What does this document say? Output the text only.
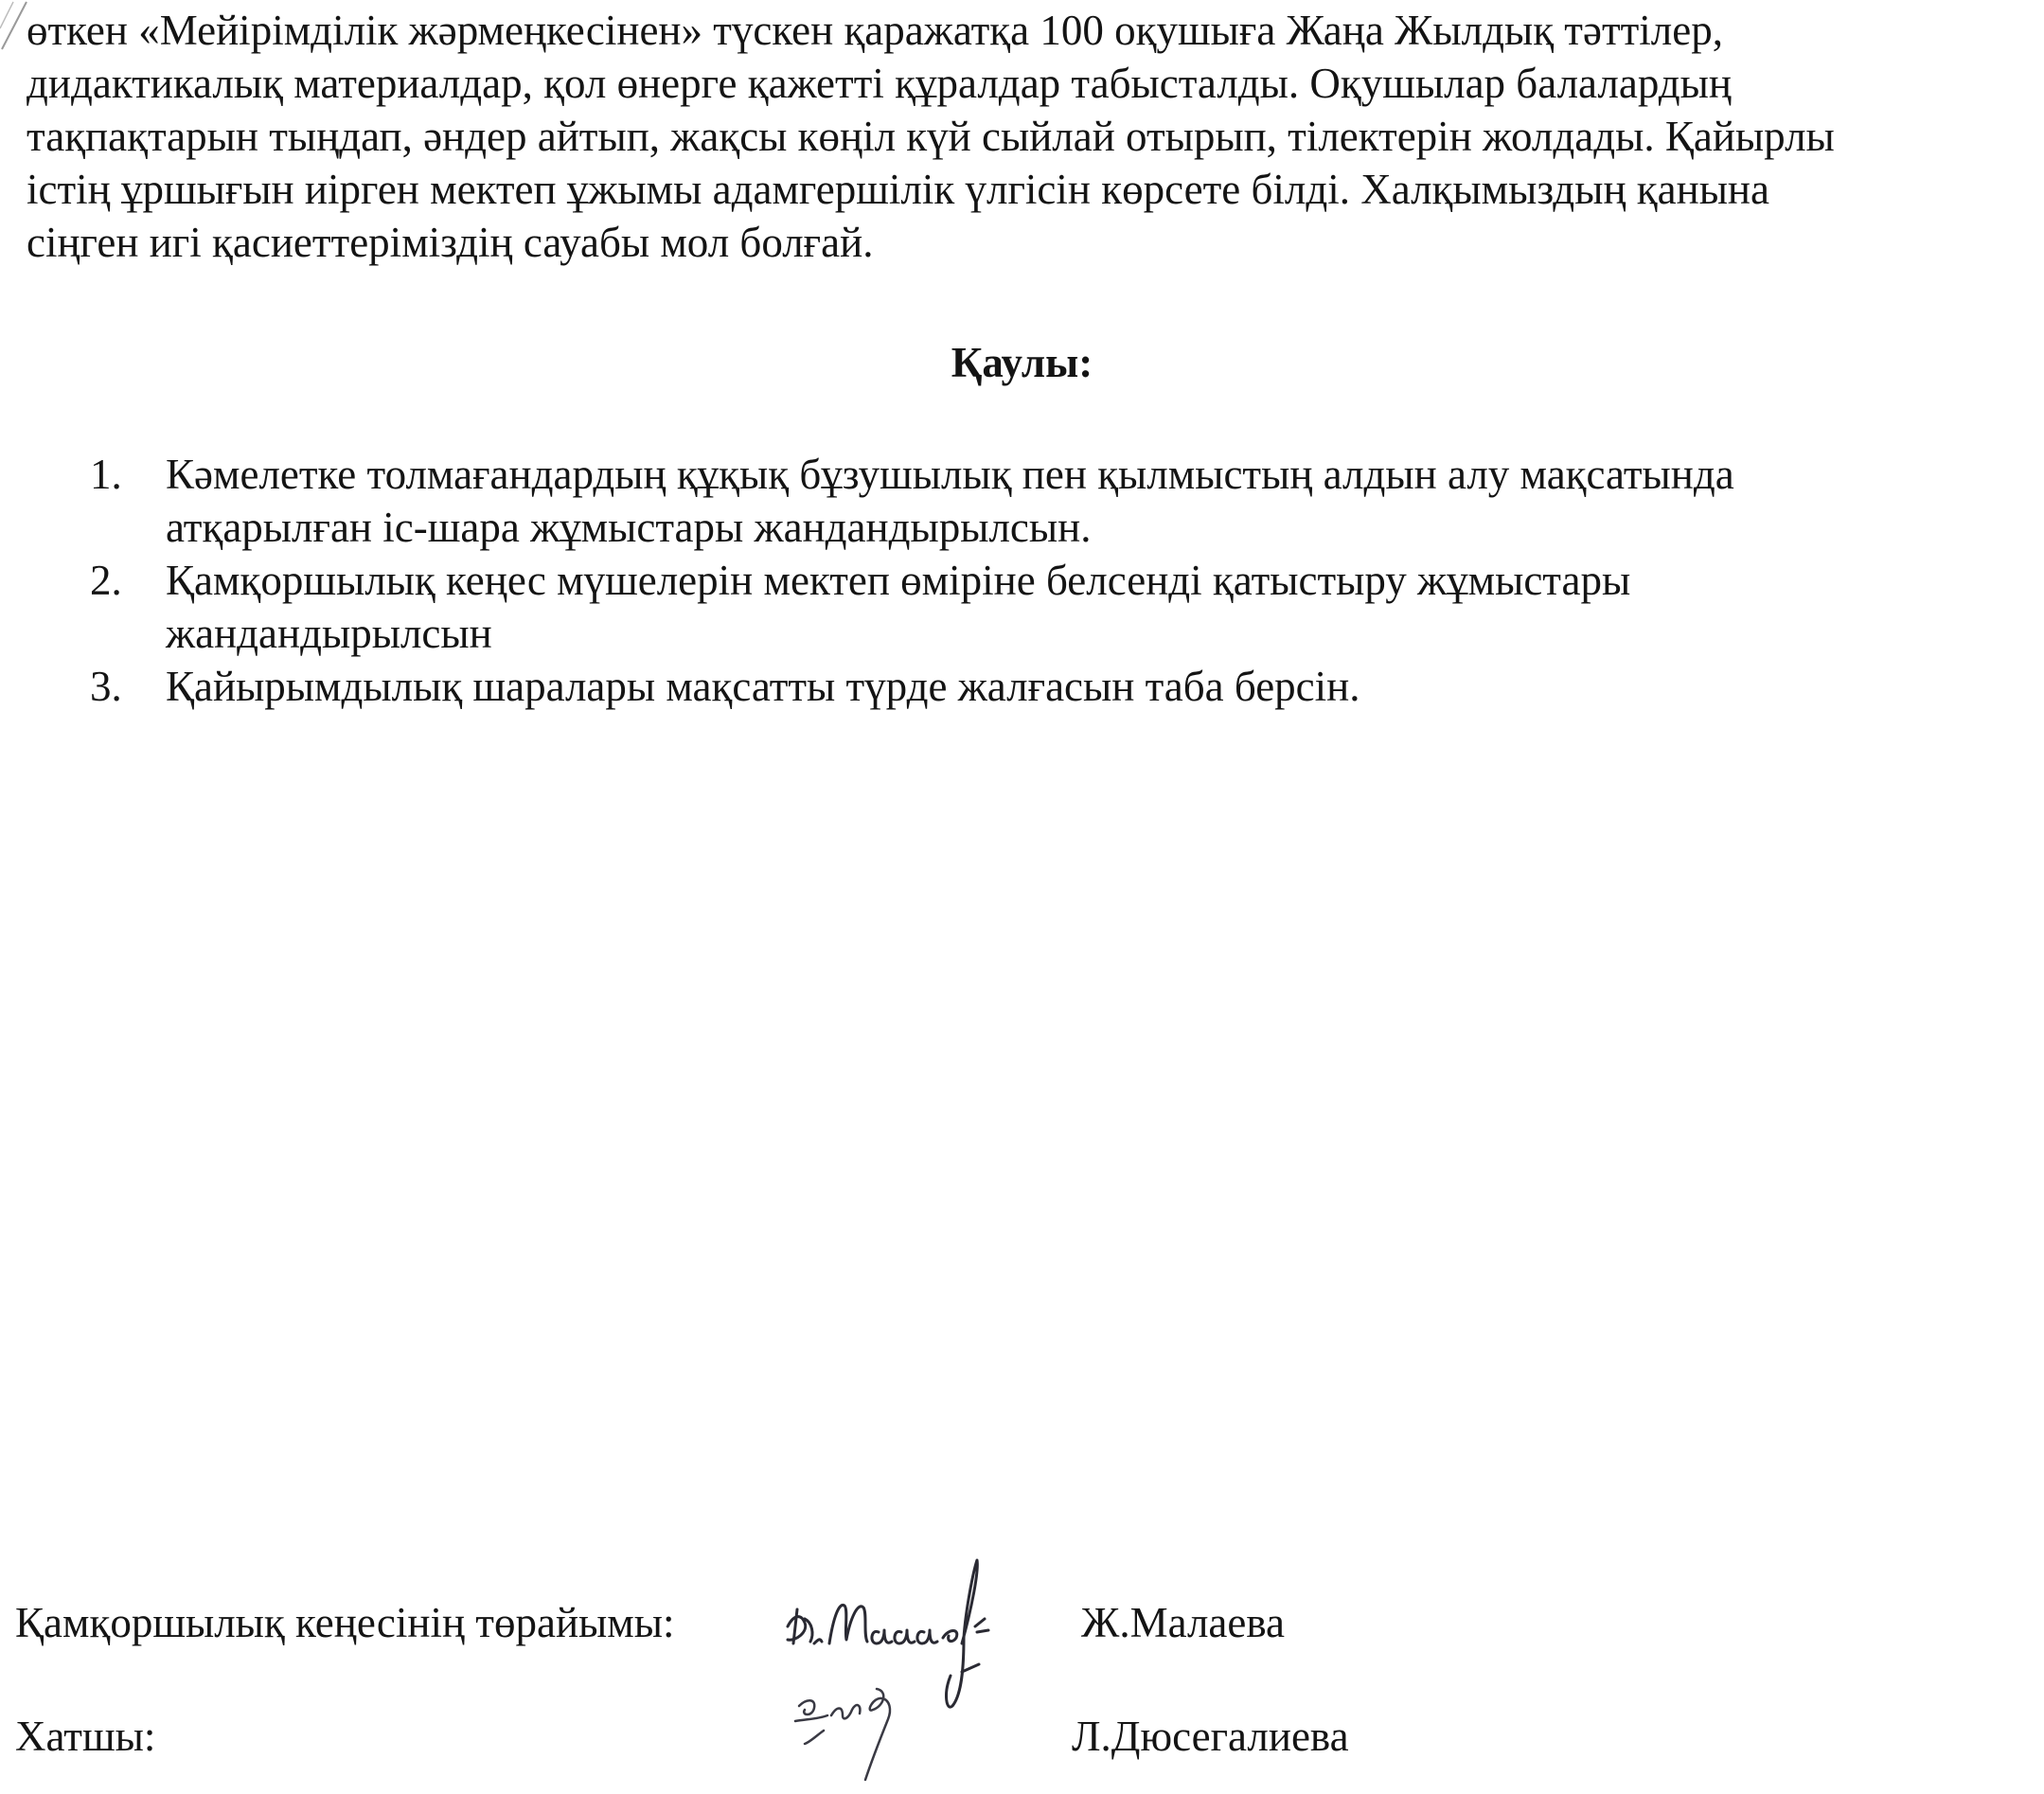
өткен «Мейірімділік жәрмеңкесінен» түскен қаражатқа 100 оқушыға Жаңа Жылдық тәттілер,
дидактикалық материалдар, қол өнерге қажетті құралдар табысталды. Оқушылар балалардың
тақпақтарын тыңдап, әндер айтып, жақсы көңіл күй сыйлай отырып, тілектерін жолдады. Қайырлы
істің ұршығын иірген мектеп ұжымы адамгершілік үлгісін көрсете білді. Халқымыздың қанына
сіңген игі қасиеттеріміздің сауабы мол болғай.
Қаулы:
1. Кәмелетке толмағандардың құқық бұзушылық пен қылмыстың алдын алу мақсатында
атқарылған іс-шара жұмыстары жандандырылсын.
2. Қамқоршылық кеңес мүшелерін мектеп өміріне белсенді қатыстыру жұмыстары
жандандырылсын
3. Қайырымдылық шаралары мақсатты түрде жалғасын таба берсін.
Қамқоршылық кеңесінің төрайымы:	Ж.Малаева
Хатшы:	Л.Дюсегалиева
